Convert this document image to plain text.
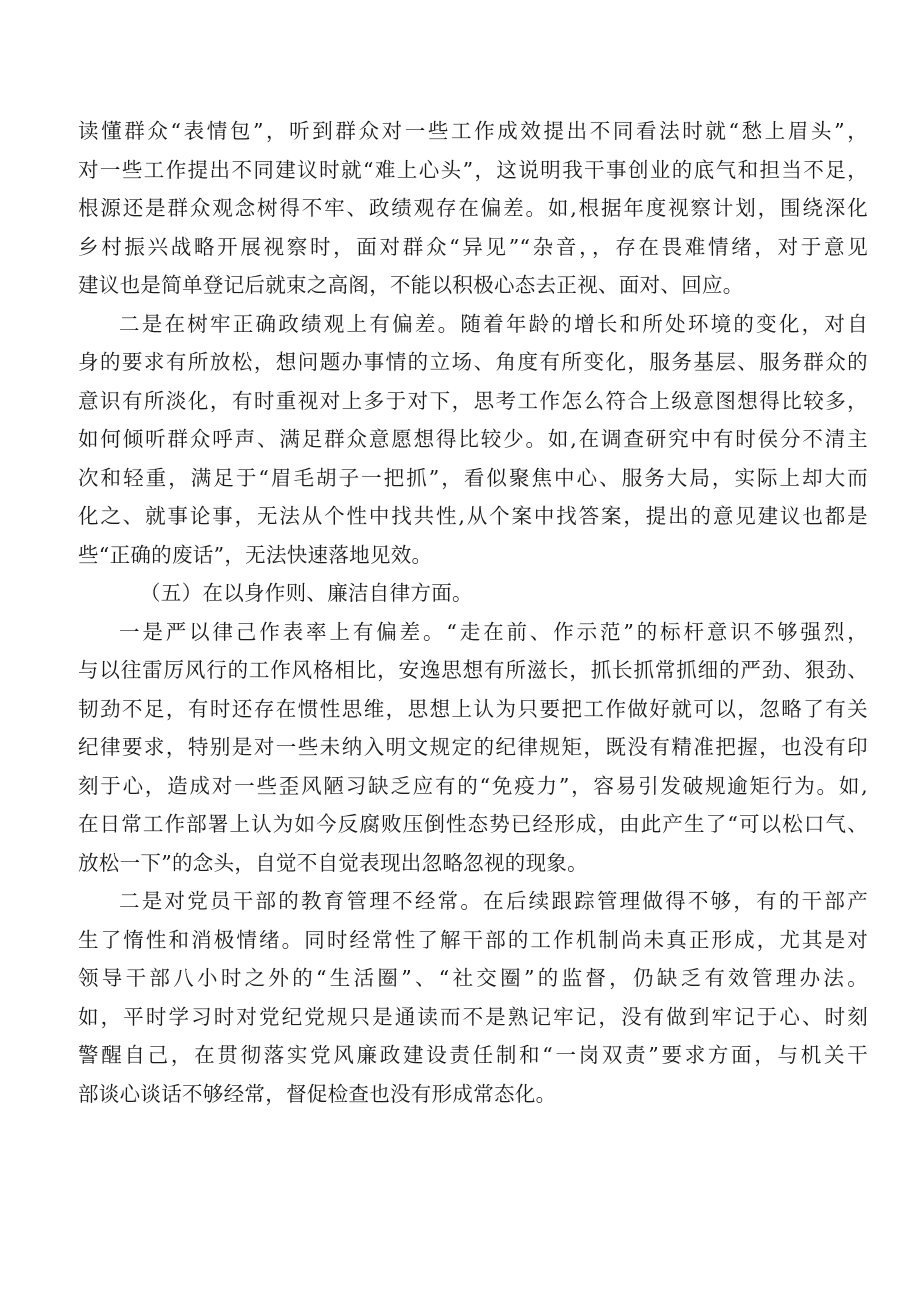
读懂群众“表情包”，听到群众对一些工作成效提出不同看法时就“愁上眉头”，
对一些工作提出不同建议时就“难上心头”，这说明我干事创业的底气和担当不足，
根源还是群众观念树得不牢、政绩观存在偏差。如,根据年度视察计划，围绕深化
乡村振兴战略开展视察时，面对群众“异见”“杂音，，存在畏难情绪，对于意见
建议也是简单登记后就束之高阁，不能以积极心态去正视、面对、回应。
二是在树牢正确政绩观上有偏差。随着年龄的增长和所处环境的变化，对自
身的要求有所放松，想问题办事情的立场、角度有所变化，服务基层、服务群众的
意识有所淡化，有时重视对上多于对下，思考工作怎么符合上级意图想得比较多，
如何倾听群众呼声、满足群众意愿想得比较少。如,在调查研究中有时侯分不清主
次和轻重，满足于“眉毛胡子一把抓”，看似聚焦中心、服务大局，实际上却大而
化之、就事论事，无法从个性中找共性,从个案中找答案，提出的意见建议也都是
些“正确的废话”，无法快速落地见效。
（五）在以身作则、廉洁自律方面。
一是严以律己作表率上有偏差。“走在前、作示范”的标杆意识不够强烈，
与以往雷厉风行的工作风格相比，安逸思想有所滋长，抓长抓常抓细的严劲、狠劲、
韧劲不足，有时还存在惯性思维，思想上认为只要把工作做好就可以，忽略了有关
纪律要求，特别是对一些未纳入明文规定的纪律规矩，既没有精准把握，也没有印
刻于心，造成对一些歪风陋习缺乏应有的“免疫力”，容易引发破规逾矩行为。如,
在日常工作部署上认为如今反腐败压倒性态势已经形成，由此产生了“可以松口气、
放松一下”的念头，自觉不自觉表现出忽略忽视的现象。
二是对党员干部的教育管理不经常。在后续跟踪管理做得不够，有的干部产
生了惰性和消极情绪。同时经常性了解干部的工作机制尚未真正形成，尤其是对
领导干部八小时之外的“生活圈”、“社交圈”的监督，仍缺乏有效管理办法。
如，平时学习时对党纪党规只是通读而不是熟记牢记，没有做到牢记于心、时刻
警醒自己，在贯彻落实党风廉政建设责任制和“一岗双责”要求方面，与机关干
部谈心谈话不够经常，督促检查也没有形成常态化。
